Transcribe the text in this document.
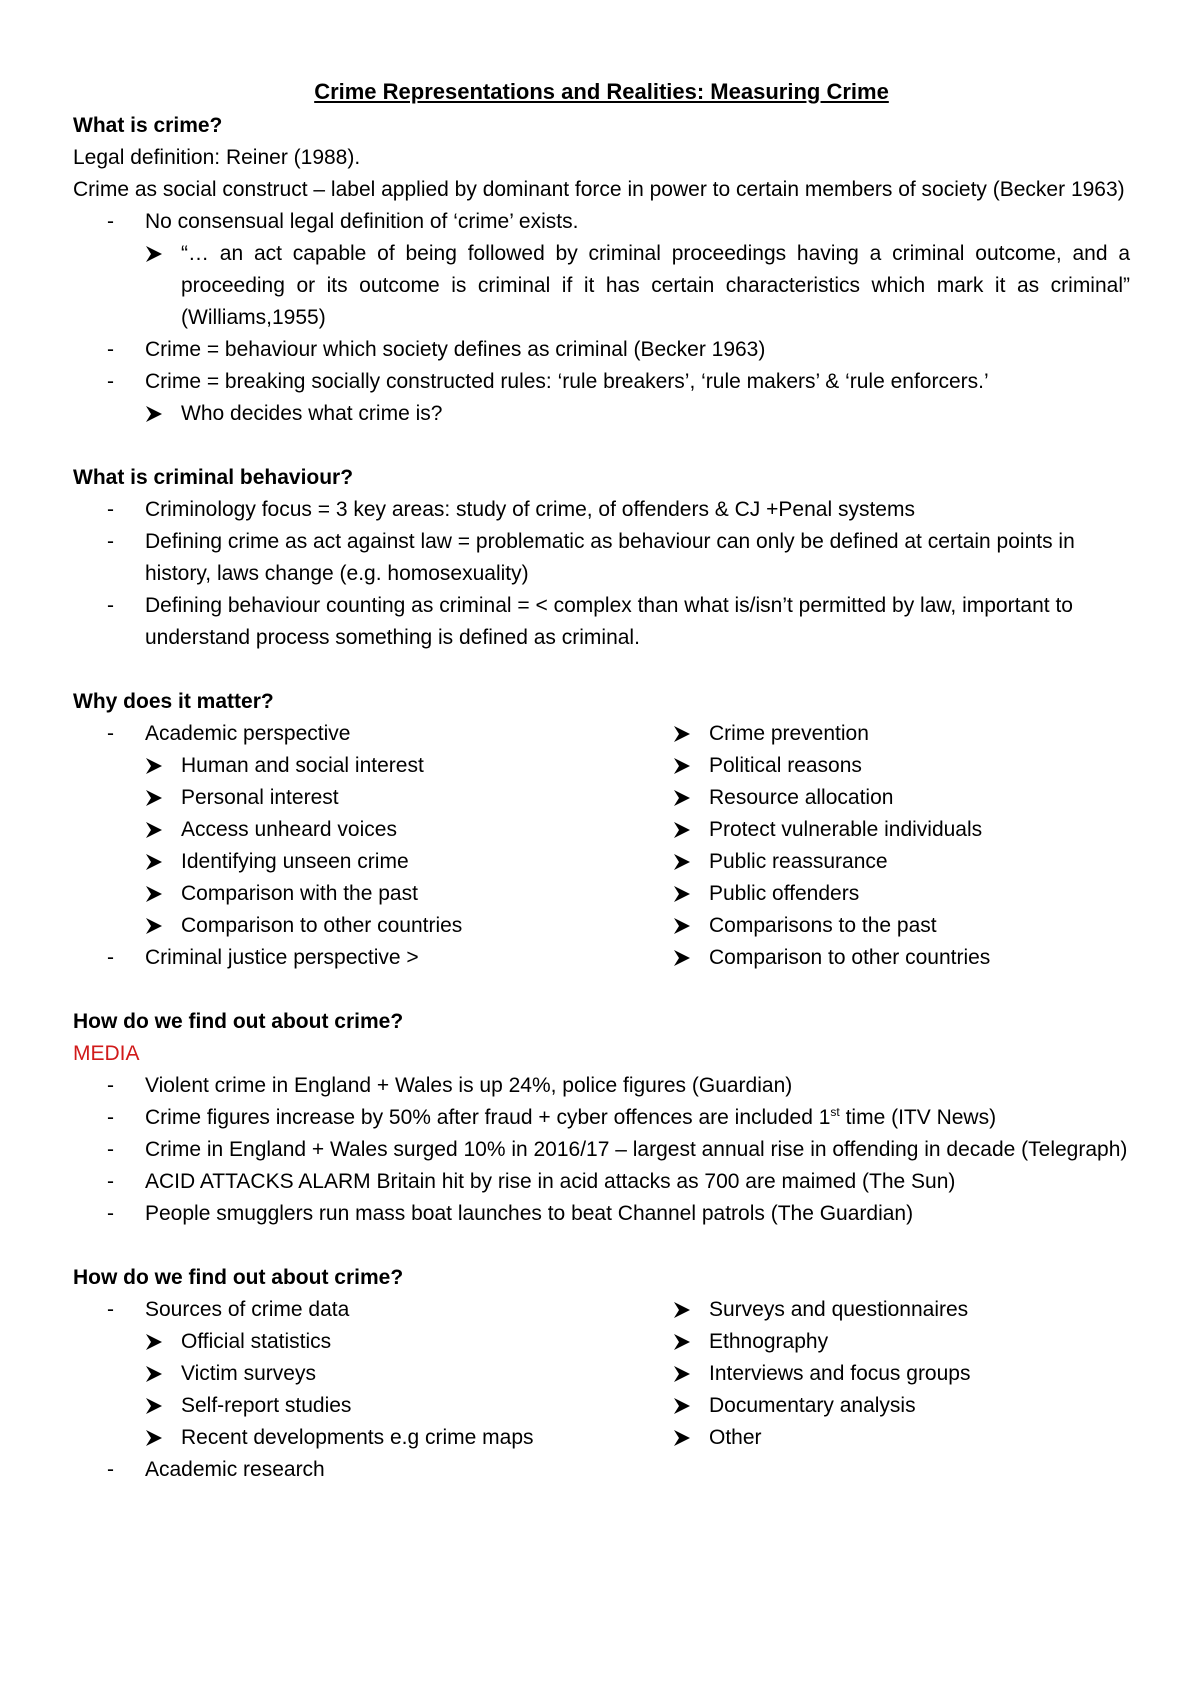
Crime Representations and Realities: Measuring Crime
What is crime?
Legal definition: Reiner (1988).
Crime as social construct – label applied by dominant force in power to certain members of society (Becker 1963)
- No consensual legal definition of ‘crime’ exists.
“… an act capable of being followed by criminal proceedings having a criminal outcome, and a proceeding or its outcome is criminal if it has certain characteristics which mark it as criminal” (Williams,1955)
- Crime = behaviour which society defines as criminal (Becker 1963)
- Crime = breaking socially constructed rules: ‘rule breakers’, ‘rule makers’ & ‘rule enforcers.’
Who decides what crime is?
What is criminal behaviour?
- Criminology focus = 3 key areas: study of crime, of offenders & CJ +Penal systems
- Defining crime as act against law = problematic as behaviour can only be defined at certain points in history, laws change (e.g. homosexuality)
- Defining behaviour counting as criminal = < complex than what is/isn’t permitted by law, important to understand process something is defined as criminal.
Why does it matter?
- Academic perspective
Human and social interest
Personal interest
Access unheard voices
Identifying unseen crime
Comparison with the past
Comparison to other countries
- Criminal justice perspective >
Crime prevention
Political reasons
Resource allocation
Protect vulnerable individuals
Public reassurance
Public offenders
Comparisons to the past
Comparison to other countries
How do we find out about crime?
MEDIA
- Violent crime in England + Wales is up 24%, police figures (Guardian)
- Crime figures increase by 50% after fraud + cyber offences are included 1st time (ITV News)
- Crime in England + Wales surged 10% in 2016/17 – largest annual rise in offending in decade (Telegraph)
- ACID ATTACKS ALARM Britain hit by rise in acid attacks as 700 are maimed (The Sun)
- People smugglers run mass boat launches to beat Channel patrols (The Guardian)
How do we find out about crime?
- Sources of crime data
Official statistics
Victim surveys
Self-report studies
Recent developments e.g crime maps
- Academic research
Surveys and questionnaires
Ethnography
Interviews and focus groups
Documentary analysis
Other
